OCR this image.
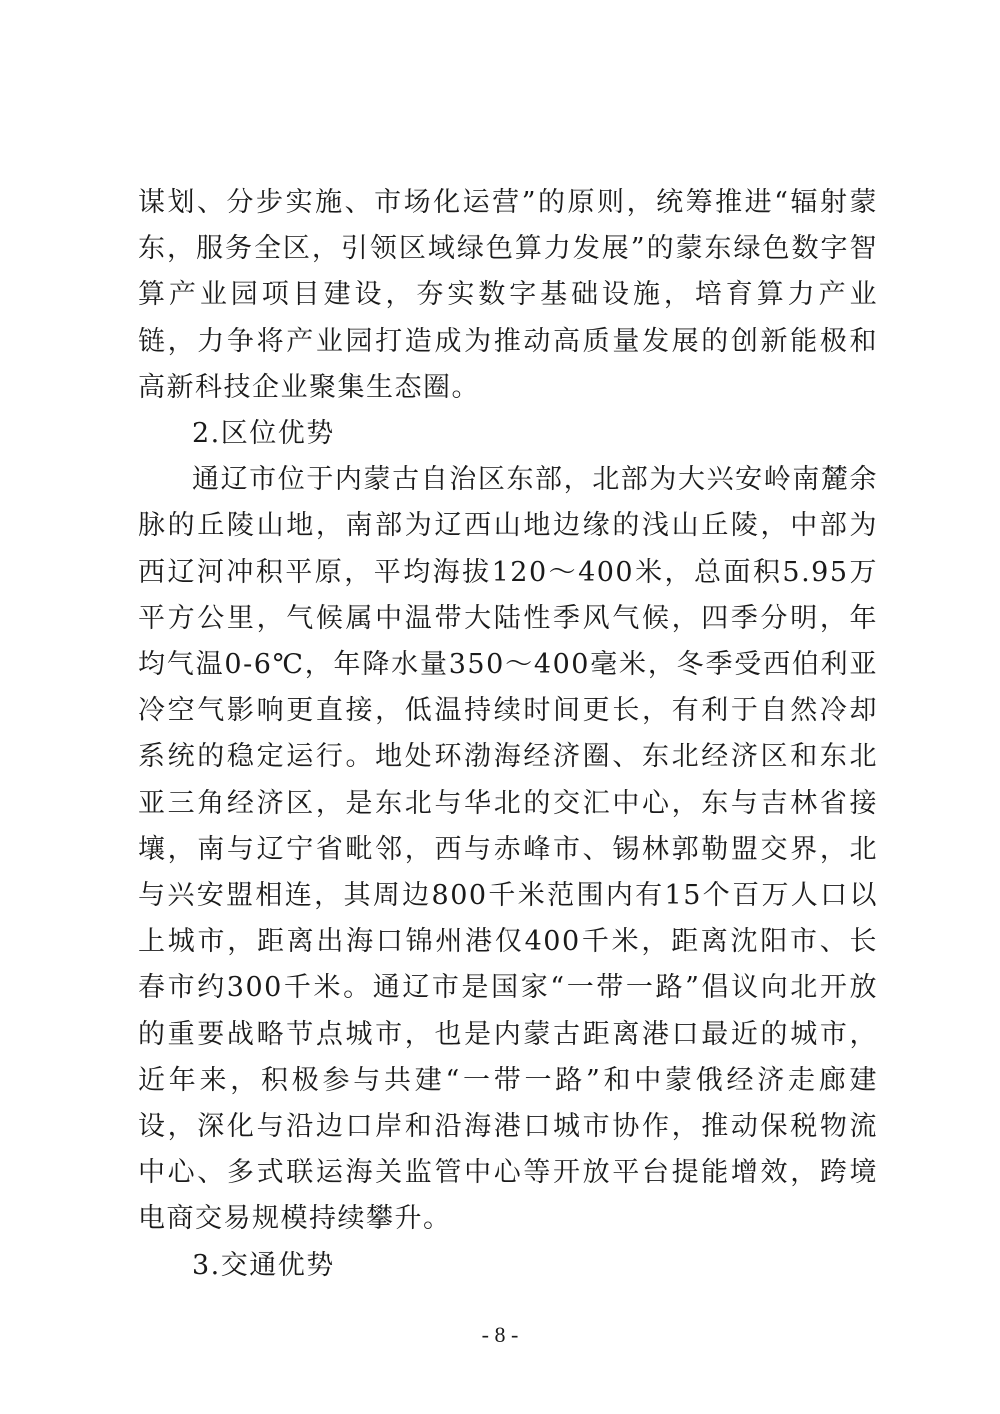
谋划、分步实施、市场化运营”的原则，统筹推进“辐射蒙东，服务全区，引领区域绿色算力发展”的蒙东绿色数字智算产业园项目建设，夯实数字基础设施，培育算力产业链，力争将产业园打造成为推动高质量发展的创新能极和高新科技企业聚集生态圈。

2.区位优势

通辽市位于内蒙古自治区东部，北部为大兴安岭南麓余脉的丘陵山地，南部为辽西山地边缘的浅山丘陵，中部为西辽河冲积平原，平均海拔120～400米，总面积5.95万平方公里，气候属中温带大陆性季风气候，四季分明，年均气温0-6℃，年降水量350～400毫米，冬季受西伯利亚冷空气影响更直接，低温持续时间更长，有利于自然冷却系统的稳定运行。地处环渤海经济圈、东北经济区和东北亚三角经济区，是东北与华北的交汇中心，东与吉林省接壤，南与辽宁省毗邻，西与赤峰市、锡林郭勒盟交界，北与兴安盟相连，其周边800千米范围内有15个百万人口以上城市，距离出海口锦州港仅400千米，距离沈阳市、长春市约300千米。通辽市是国家“一带一路”倡议向北开放的重要战略节点城市，也是内蒙古距离港口最近的城市，近年来，积极参与共建“一带一路”和中蒙俄经济走廊建设，深化与沿边口岸和沿海港口城市协作，推动保税物流中心、多式联运海关监管中心等开放平台提能增效，跨境电商交易规模持续攀升。

3.交通优势

- 8 -
